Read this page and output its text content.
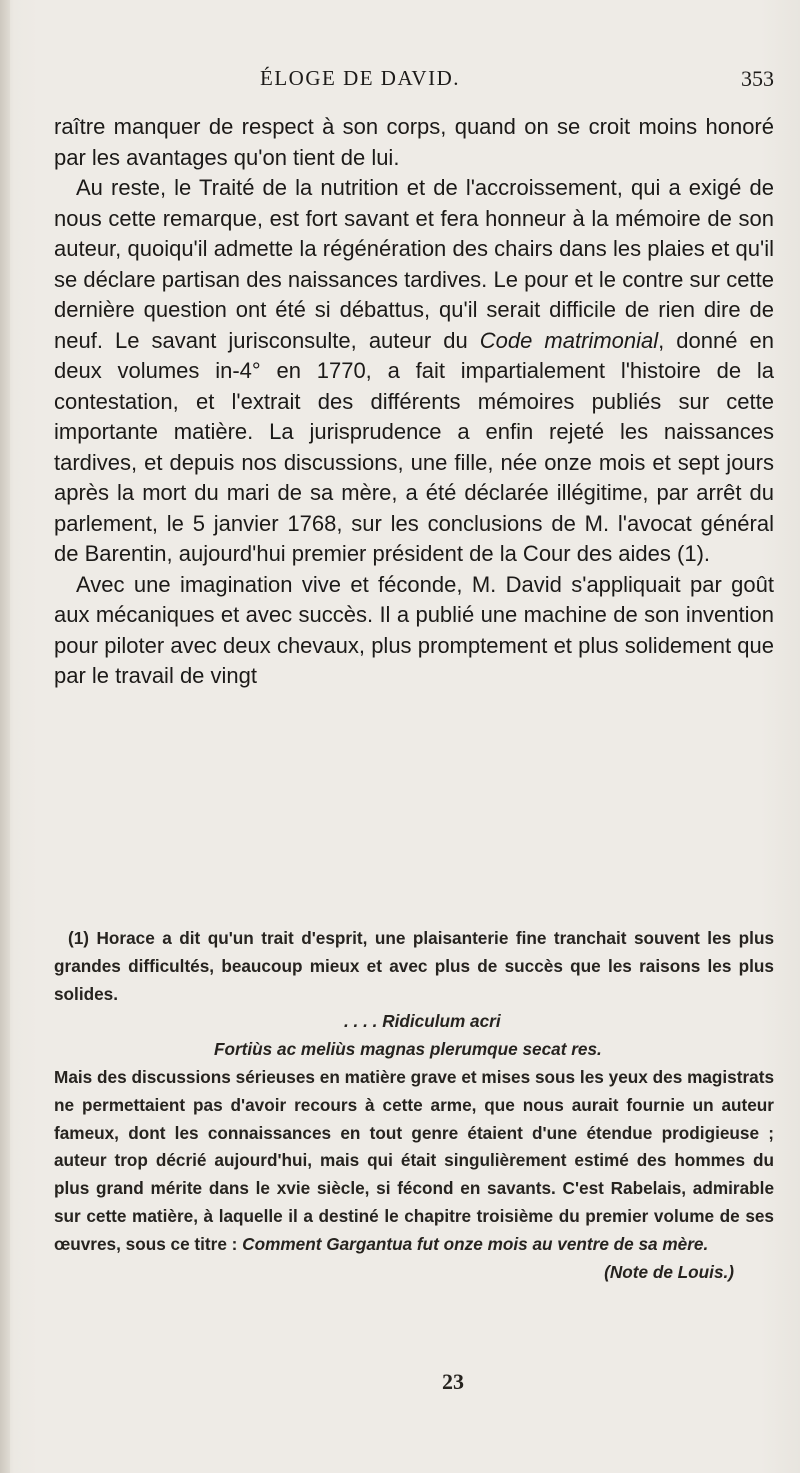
ÉLOGE DE DAVID.	353

raître manquer de respect à son corps, quand on se croit moins honoré par les avantages qu'on tient de lui.

Au reste, le Traité de la nutrition et de l'accroissement, qui a exigé de nous cette remarque, est fort savant et fera honneur à la mémoire de son auteur, quoiqu'il admette la régénération des chairs dans les plaies et qu'il se déclare partisan des naissances tardives. Le pour et le contre sur cette dernière question ont été si débattus, qu'il serait difficile de rien dire de neuf. Le savant jurisconsulte, auteur du Code matrimonial, donné en deux volumes in-4° en 1770, a fait impartialement l'histoire de la contestation, et l'extrait des différents mémoires publiés sur cette importante matière. La jurisprudence a enfin rejeté les naissances tardives, et depuis nos discussions, une fille, née onze mois et sept jours après la mort du mari de sa mère, a été déclarée illégitime, par arrêt du parlement, le 5 janvier 1768, sur les conclusions de M. l'avocat général de Barentin, aujourd'hui premier président de la Cour des aides (1).

Avec une imagination vive et féconde, M. David s'appliquait par goût aux mécaniques et avec succès. Il a publié une machine de son invention pour piloter avec deux chevaux, plus promptement et plus solidement que par le travail de vingt

(1) Horace a dit qu'un trait d'esprit, une plaisanterie fine tranchait souvent les plus grandes difficultés, beaucoup mieux et avec plus de succès que les raisons les plus solides.

. . . . Ridiculum acri

Fortiùs ac meliùs magnas plerumque secat res.

Mais des discussions sérieuses en matière grave et mises sous les yeux des magistrats ne permettaient pas d'avoir recours à cette arme, que nous aurait fournie un auteur fameux, dont les connaissances en tout genre étaient d'une étendue prodigieuse ; auteur trop décrié aujourd'hui, mais qui était singulièrement estimé des hommes du plus grand mérite dans le xvie siècle, si fécond en savants. C'est Rabelais, admirable sur cette matière, à laquelle il a destiné le chapitre troisième du premier volume de ses œuvres, sous ce titre : Comment Gargantua fut onze mois au ventre de sa mère.

(Note de Louis.)

23
